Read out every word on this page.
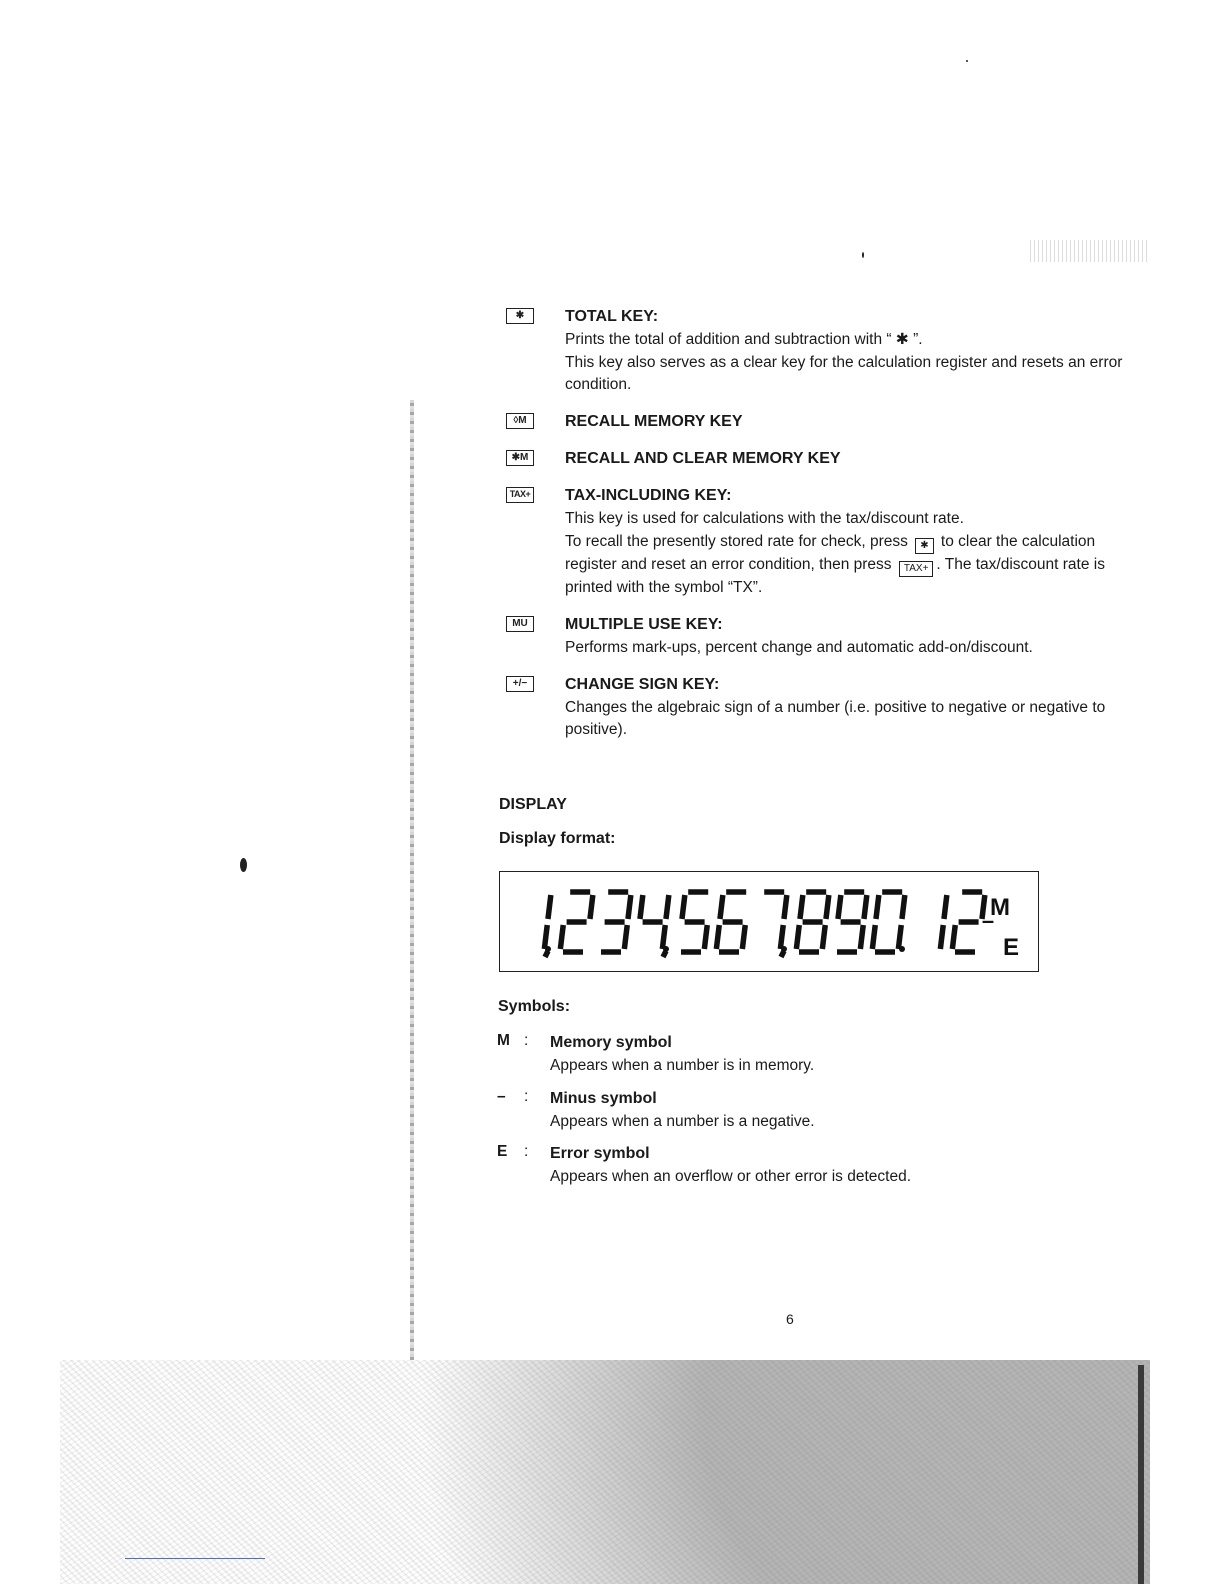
✱	TOTAL KEY:
Prints the total of addition and subtraction with “ ✱ ”.
This key also serves as a clear key for the calculation register and resets an error condition.
◊M	RECALL MEMORY KEY
✱M	RECALL AND CLEAR MEMORY KEY
TAX+ TAX-INCLUDING KEY:
This key is used for calculations with the tax/discount rate.
To recall the presently stored rate for check, press ✱ to clear the calculation register and reset an error condition, then press TAX+ . The tax/discount rate is printed with the symbol “TX”.
MU	MULTIPLE USE KEY:
Performs mark-ups, percent change and automatic add-on/discount.
+/−	CHANGE SIGN KEY:
Changes the algebraic sign of a number (i.e. positive to negative or negative to positive).
DISPLAY
Display format:
–
M
E
Symbols:
M : Memory symbol
Appears when a number is in memory.
–	: Minus symbol
Appears when a number is a negative.
E	: Error symbol
Appears when an overflow or other error is detected.
6
